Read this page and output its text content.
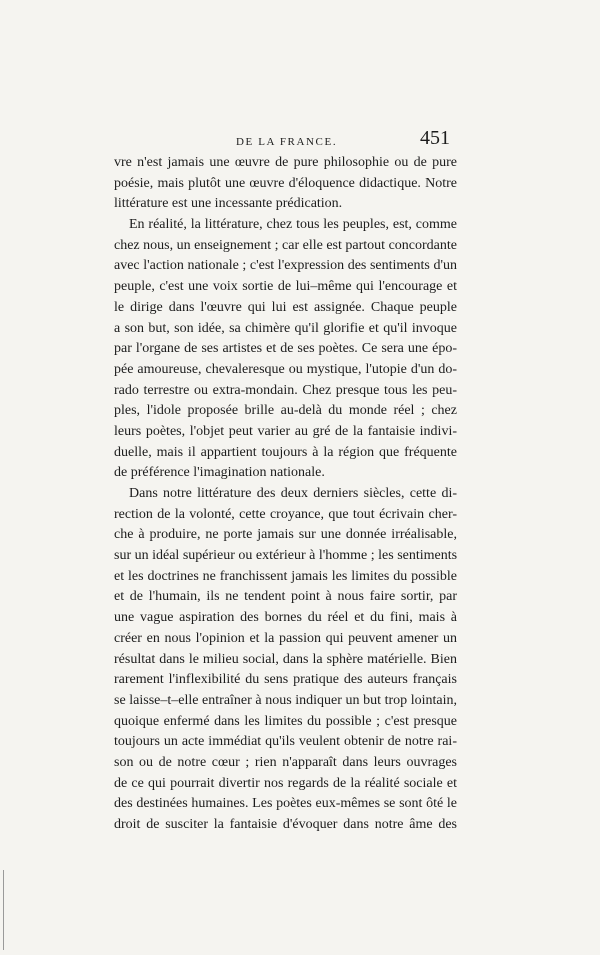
DE LA FRANCE.	451
vre n'est jamais une œuvre de pure philosophie ou de pure
poésie, mais plutôt une œuvre d'éloquence didactique. Notre
littérature est une incessante prédication.
En réalité, la littérature, chez tous les peuples, est, comme
chez nous, un enseignement ; car elle est partout concordante
avec l'action nationale ; c'est l'expression des sentiments d'un
peuple, c'est une voix sortie de lui–même qui l'encourage et
le dirige dans l'œuvre qui lui est assignée. Chaque peuple
a son but, son idée, sa chimère qu'il glorifie et qu'il invoque
par l'organe de ses artistes et de ses poètes. Ce sera une épo-
pée amoureuse, chevaleresque ou mystique, l'utopie d'un do-
rado terrestre ou extra-mondain. Chez presque tous les peu-
ples, l'idole proposée brille au-delà du monde réel ; chez
leurs poètes, l'objet peut varier au gré de la fantaisie indivi-
duelle, mais il appartient toujours à la région que fréquente
de préférence l'imagination nationale.
Dans notre littérature des deux derniers siècles, cette di-
rection de la volonté, cette croyance, que tout écrivain cher-
che à produire, ne porte jamais sur une donnée irréalisable,
sur un idéal supérieur ou extérieur à l'homme ; les sentiments
et les doctrines ne franchissent jamais les limites du possible
et de l'humain, ils ne tendent point à nous faire sortir, par
une vague aspiration des bornes du réel et du fini, mais à
créer en nous l'opinion et la passion qui peuvent amener un
résultat dans le milieu social, dans la sphère matérielle. Bien
rarement l'inflexibilité du sens pratique des auteurs français
se laisse–t–elle entraîner à nous indiquer un but trop lointain,
quoique enfermé dans les limites du possible ; c'est presque
toujours un acte immédiat qu'ils veulent obtenir de notre rai-
son ou de notre cœur ; rien n'apparaît dans leurs ouvrages
de ce qui pourrait divertir nos regards de la réalité sociale et
des destinées humaines. Les poètes eux-mêmes se sont ôté le
droit de susciter la fantaisie d'évoquer dans notre âme des
